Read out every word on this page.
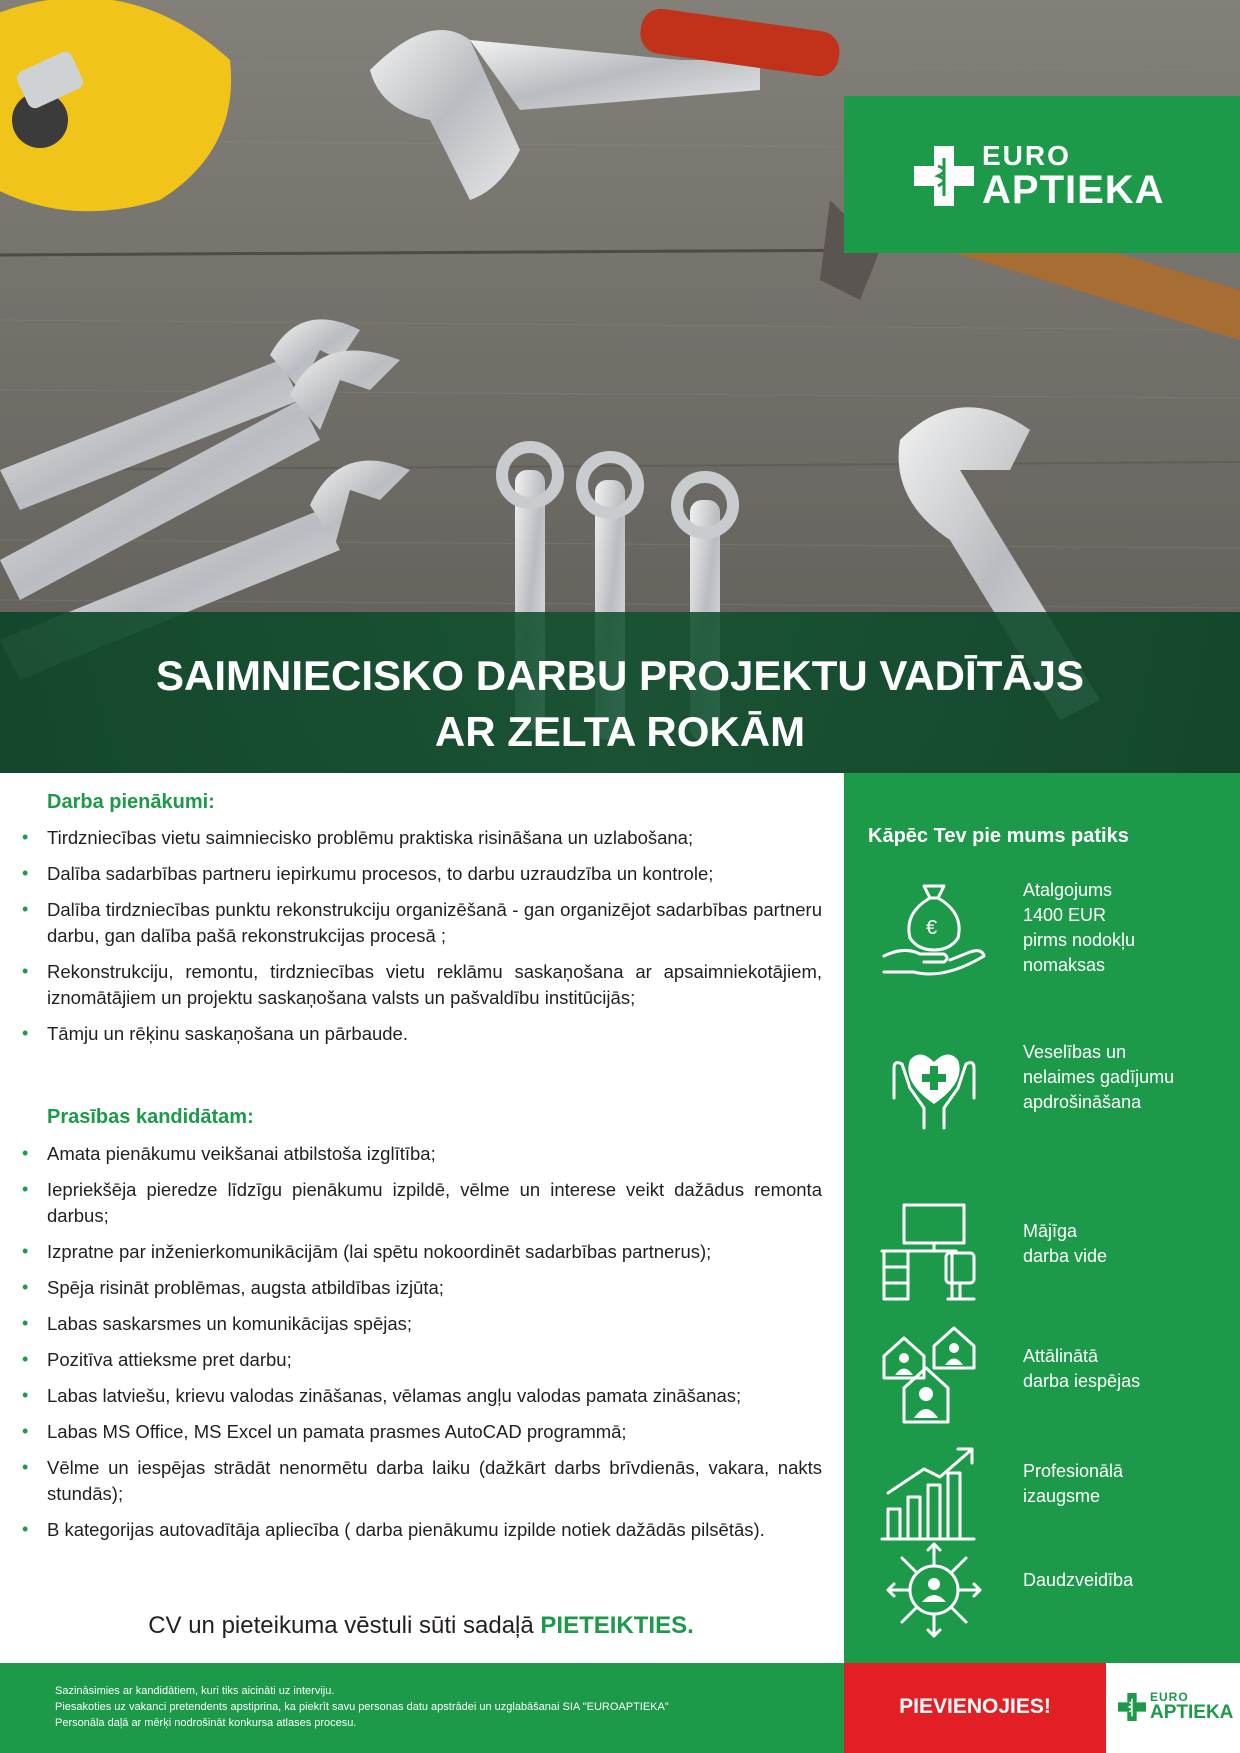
EURO
APTIEKA
SAIMNIECISKO DARBU PROJEKTU VADĪTĀJS
AR ZELTA ROKĀM
Darba pienākumi:
• Tirdzniecības vietu saimniecisko problēmu praktiska risināšana un uzlabošana;
• Dalība sadarbības partneru iepirkumu procesos, to darbu uzraudzība un kontrole;
• Dalība tirdzniecības punktu rekonstrukciju organizēšanā - gan organizējot sadarbības partneru darbu, gan dalība pašā rekonstrukcijas procesā ;
• Rekonstrukciju, remontu, tirdzniecības vietu reklāmu saskaņošana ar apsaimniekotājiem, iznomātājiem un projektu saskaņošana valsts un pašvaldību institūcijās;
• Tāmju un rēķinu saskaņošana un pārbaude.
Prasības kandidātam:
• Amata pienākumu veikšanai atbilstoša izglītība;
• Iepriekšēja pieredze līdzīgu pienākumu izpildē, vēlme un interese veikt dažādus remonta darbus;
• Izpratne par inženierkomunikācijām (lai spētu nokoordinēt sadarbības partnerus);
• Spēja risināt problēmas, augsta atbildības izjūta;
• Labas saskarsmes un komunikācijas spējas;
• Pozitīva attieksme pret darbu;
• Labas latviešu, krievu valodas zināšanas, vēlamas angļu valodas pamata zināšanas;
• Labas MS Office, MS Excel un pamata prasmes AutoCAD programmā;
• Vēlme un iespējas strādāt nenormētu darba laiku (dažkārt darbs brīvdienās, vakara, nakts stundās);
• B kategorijas autovadītāja apliecība ( darba pienākumu izpilde notiek dažādās pilsētās).
CV un pieteikuma vēstuli sūti sadaļā PIETEIKTIES.
Kāpēc Tev pie mums patiks
€
Atalgojums
1400 EUR
pirms nodokļu
nomaksas
Veselības un
nelaimes gadījumu
apdrošināšana
Mājīga
darba vide
Attālinātā
darba iespējas
Profesionālā
izaugsme
Daudzveidība
Sazināsimies ar kandidātiem, kuri tiks aicināti uz interviju.
Piesakoties uz vakanci pretendents apstiprina, ka piekrīt savu personas datu apstrādei un uzglabāšanai SIA "EUROAPTIEKA"
Personāla daļā ar mērķi nodrošināt konkursa atlases procesu.
PIEVIENOJIES!	EURO
APTIEKA
